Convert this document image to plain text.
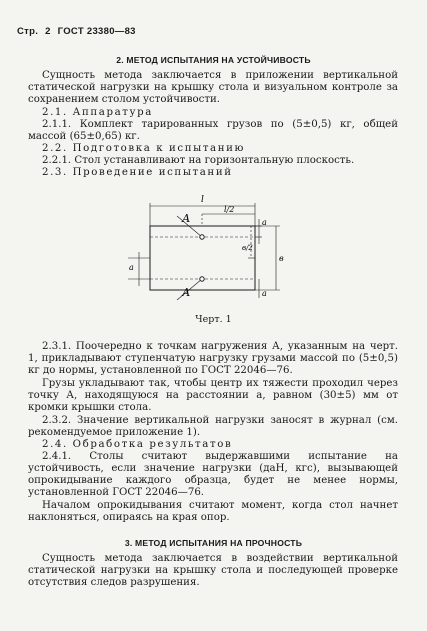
Стр. 2 ГОСТ 23380—83
2. МЕТОД ИСПЫТАНИЯ НА УСТОЙЧИВОСТЬ
Сущность метода заключается в приложении вертикальной статической нагрузки на крышку стола и визуальном контроле за сохранением столом устойчивости.
2.1. Аппаратура
2.1.1. Комплект тарированных грузов по (5±0,5) кг, общей массой (65±0,65) кг.
2.2. Подготовка к испытанию
2.2.1. Стол устанавливают на горизонтальную плоскость.
2.3. Проведение испытаний
А
А
l
l/2
a
a
a
в
в/2
Черт. 1
2.3.1. Поочередно к точкам нагружения А, указанным на черт. 1, прикладывают ступенчатую нагрузку грузами массой по (5±0,5) кг до нормы, установленной по ГОСТ 22046—76.
Грузы укладывают так, чтобы центр их тяжести проходил через точку А, находящуюся на расстоянии а, равном (30±5) мм от кромки крышки стола.
2.3.2. Значение вертикальной нагрузки заносят в журнал (см. рекомендуемое приложение 1).
2.4. Обработка результатов
2.4.1. Столы считают выдержавшими испытание на устойчивость, если значение нагрузки (даН, кгс), вызывающей опрокидывание каждого образца, будет не менее нормы, установленной ГОСТ 22046—76.
Началом опрокидывания считают момент, когда стол начнет наклоняться, опираясь на края опор.
3. МЕТОД ИСПЫТАНИЯ НА ПРОЧНОСТЬ
Сущность метода заключается в воздействии вертикальной статической нагрузки на крышку стола и последующей проверке отсутствия следов разрушения.
